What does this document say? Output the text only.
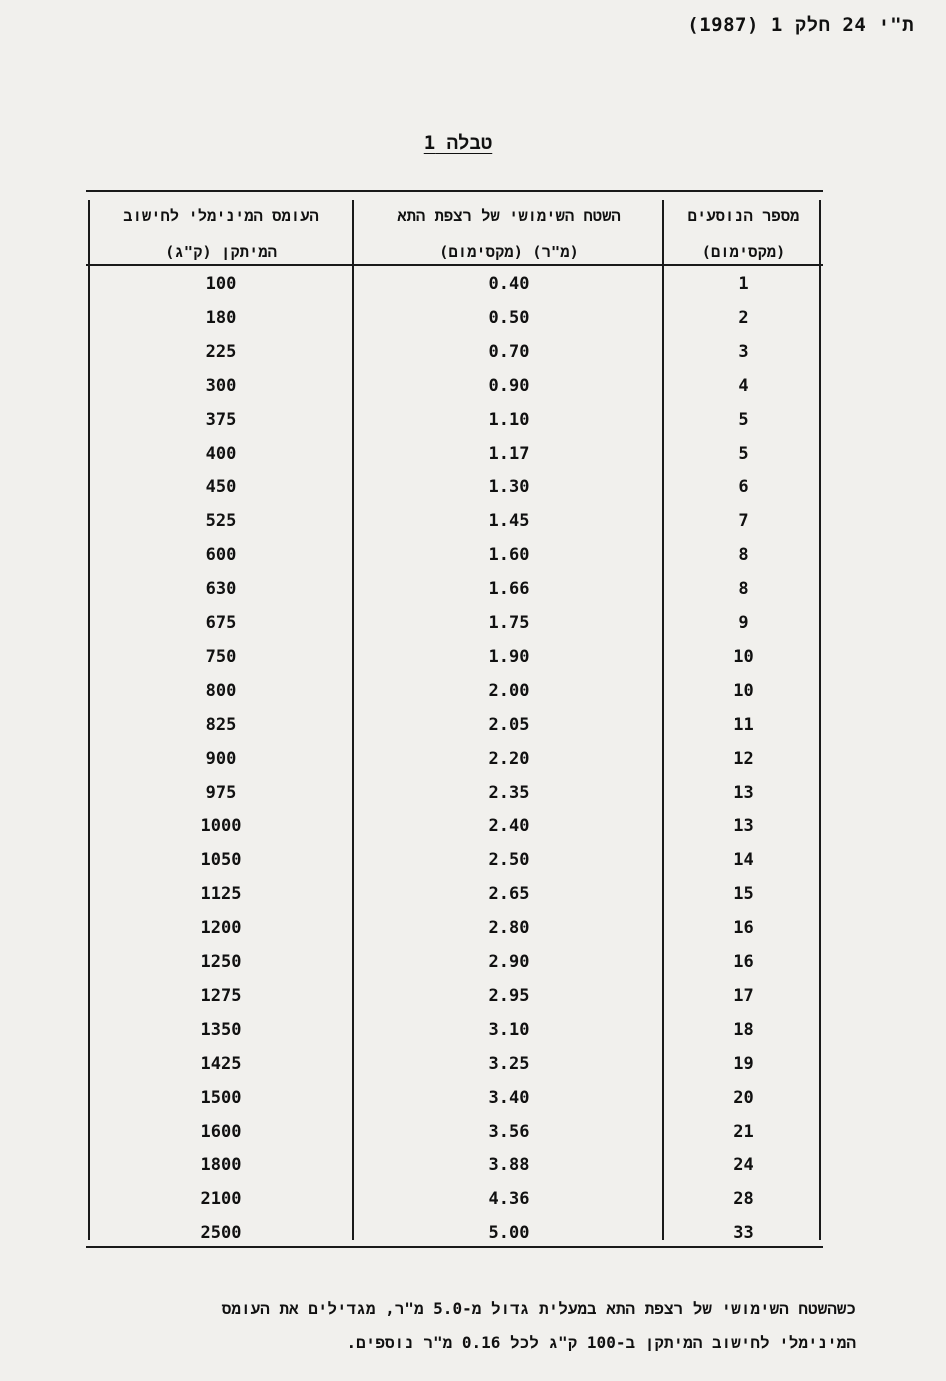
ת"י 24 חלק 1 (1987)
טבלה 1
העומס המינימלי לחישוב
המיתקן (ק"ג)
השטח השימושי של רצפת התא
(מ"ר) (מקסימום)
מספר הנוסעים
(מקסימום)
100	0.40	1
180	0.50	2
225	0.70	3
300	0.90	4
375	1.10	5
400	1.17	5
450	1.30	6
525	1.45	7
600	1.60	8
630	1.66	8
675	1.75	9
750	1.90	10
800	2.00	10
825	2.05	11
900	2.20	12
975	2.35	13
1000	2.40	13
1050	2.50	14
1125	2.65	15
1200	2.80	16
1250	2.90	16
1275	2.95	17
1350	3.10	18
1425	3.25	19
1500	3.40	20
1600	3.56	21
1800	3.88	24
2100	4.36	28
2500	5.00	33
כשהשטח השימושי של רצפת התא במעלית גדול מ-5.0 מ"ר, מגדילים את העומס
המינימלי לחישוב המיתקן ב-100 ק"ג לכל 0.16 מ"ר נוספים.
